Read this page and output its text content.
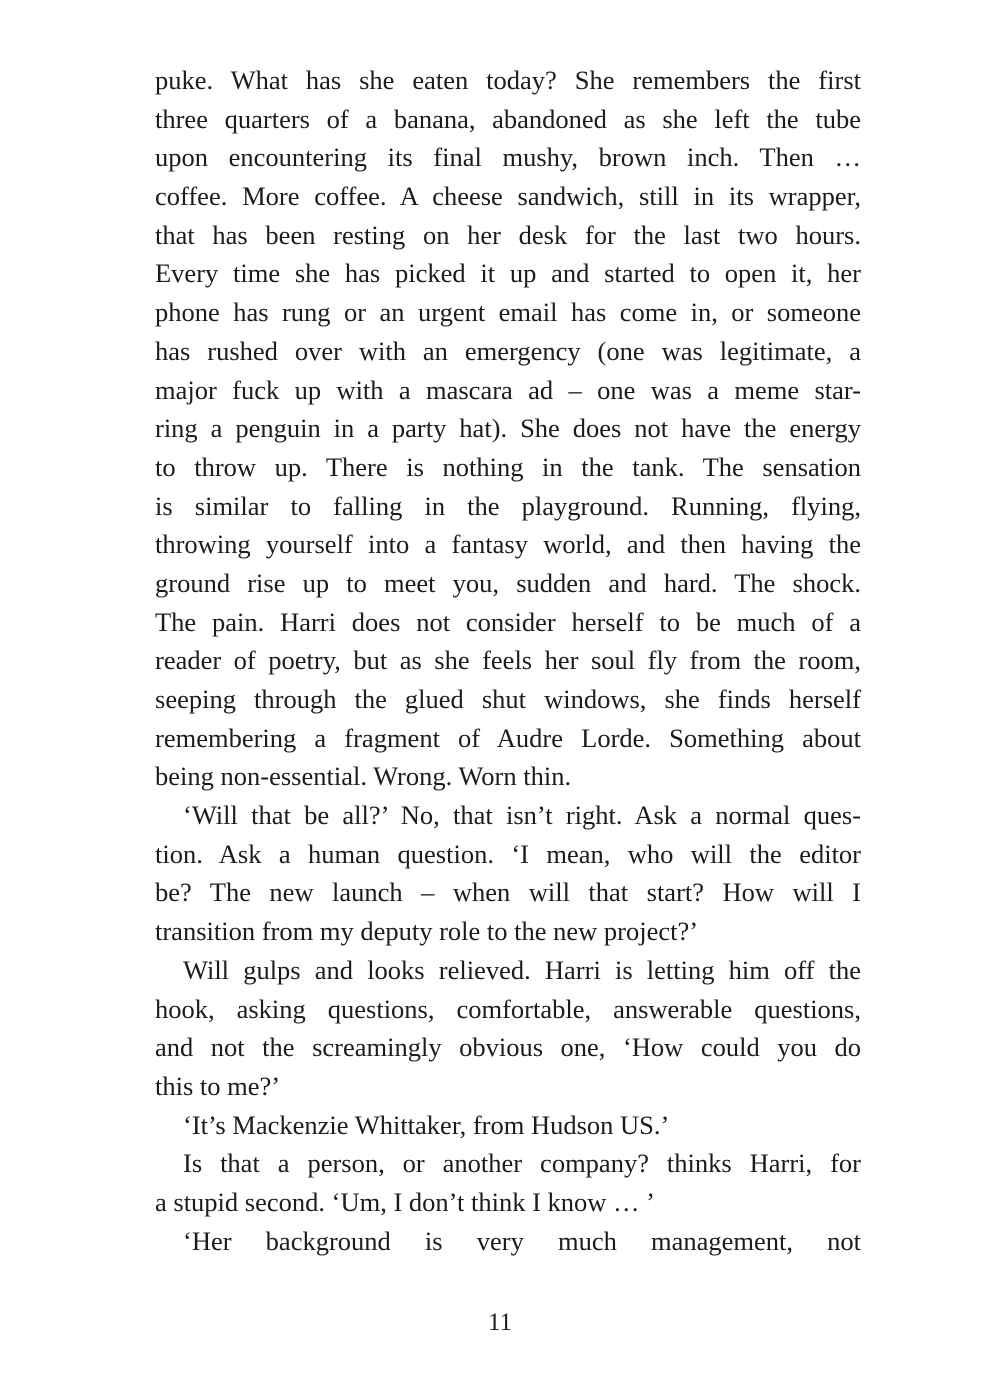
puke. What has she eaten today? She remembers the first
three quarters of a banana, abandoned as she left the tube
upon encountering its final mushy, brown inch. Then …
coffee. More coffee. A cheese sandwich, still in its wrapper,
that has been resting on her desk for the last two hours.
Every time she has picked it up and started to open it, her
phone has rung or an urgent email has come in, or someone
has rushed over with an emergency (one was legitimate, a
major fuck up with a mascara ad – one was a meme star-
ring a penguin in a party hat). She does not have the energy
to throw up. There is nothing in the tank. The sensation
is similar to falling in the playground. Running, flying,
throwing yourself into a fantasy world, and then having the
ground rise up to meet you, sudden and hard. The shock.
The pain. Harri does not consider herself to be much of a
reader of poetry, but as she feels her soul fly from the room,
seeping through the glued shut windows, she finds herself
remembering a fragment of Audre Lorde. Something about
being non-essential. Wrong. Worn thin.
‘Will that be all?’ No, that isn’t right. Ask a normal ques-
tion. Ask a human question. ‘I mean, who will the editor
be? The new launch – when will that start? How will I
transition from my deputy role to the new project?’
Will gulps and looks relieved. Harri is letting him off the
hook, asking questions, comfortable, answerable questions,
and not the screamingly obvious one, ‘How could you do
this to me?’
‘It’s Mackenzie Whittaker, from Hudson US.’
Is that a person, or another company? thinks Harri, for
a stupid second. ‘Um, I don’t think I know … ’
‘Her background is very much management, not
11
